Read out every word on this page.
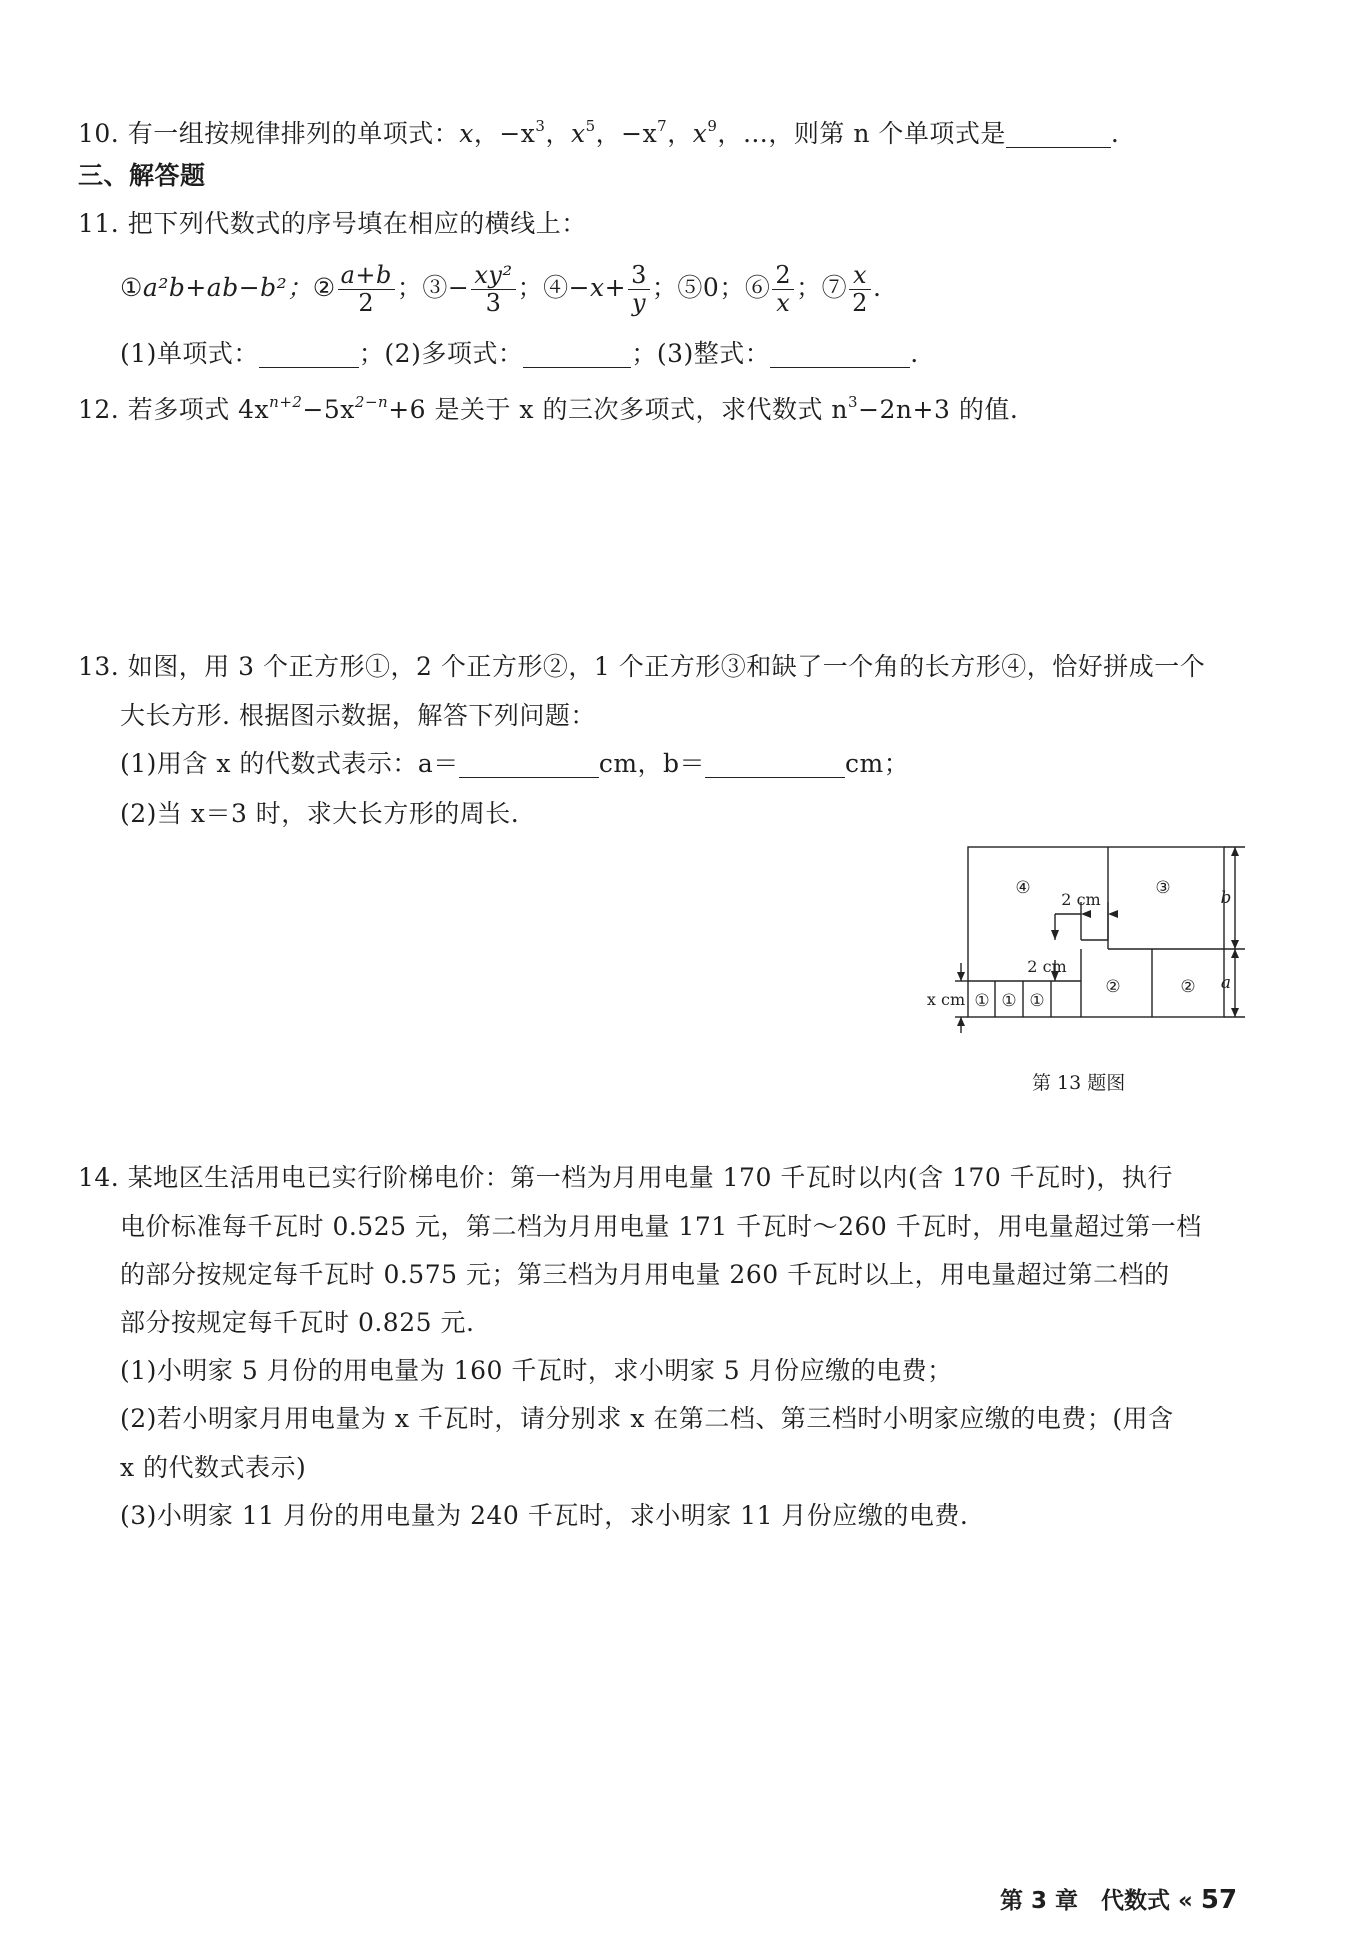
10. 有一组按规律排列的单项式：x，$-x^3$，$x^5$，$-x^7$，$x^9$，…，则第 n 个单项式是	.
三、解答题
11. 把下列代数式的序号填在相应的横线上：
①a²b+ab−b²；② $\frac{a+b}{2}$ ；③− $\frac{\text{xy²}}{3}$ ；④−x+ $\frac{3}{y}$ ；⑤0；⑥ $\frac{2}{x}$ ；⑦ $\frac{x}{2}$ .
(1)单项式：	；(2)多项式：	；(3)整式：	.
12. 若多项式 $4x^{n+2}-5x^{2-n}+6$ 是关于 x 的三次多项式，求代数式 $n^3-2n+3$ 的值.
13. 如图，用 3 个正方形①，2 个正方形②，1 个正方形③和缺了一个角的长方形④，恰好拼成一个
大长方形. 根据图示数据，解答下列问题：
(1)用含 x 的代数式表示：a＝	cm，b＝	cm；
(2)当 x＝3 时，求大长方形的周长.
④	③
②	②
① ① ①
2 cm
2 cm
b
a
x cm
第 13 题图
14. 某地区生活用电已实行阶梯电价：第一档为月用电量 170 千瓦时以内(含 170 千瓦时)，执行
电价标准每千瓦时 0.525 元，第二档为月用电量 171 千瓦时～260 千瓦时，用电量超过第一档
的部分按规定每千瓦时 0.575 元；第三档为月用电量 260 千瓦时以上，用电量超过第二档的
部分按规定每千瓦时 0.825 元.
(1)小明家 5 月份的用电量为 160 千瓦时，求小明家 5 月份应缴的电费；
(2)若小明家月用电量为 x 千瓦时，请分别求 x 在第二档、第三档时小明家应缴的电费；(用含
x 的代数式表示)
(3)小明家 11 月份的用电量为 240 千瓦时，求小明家 11 月份应缴的电费.
第 3 章　代数式 « 57
